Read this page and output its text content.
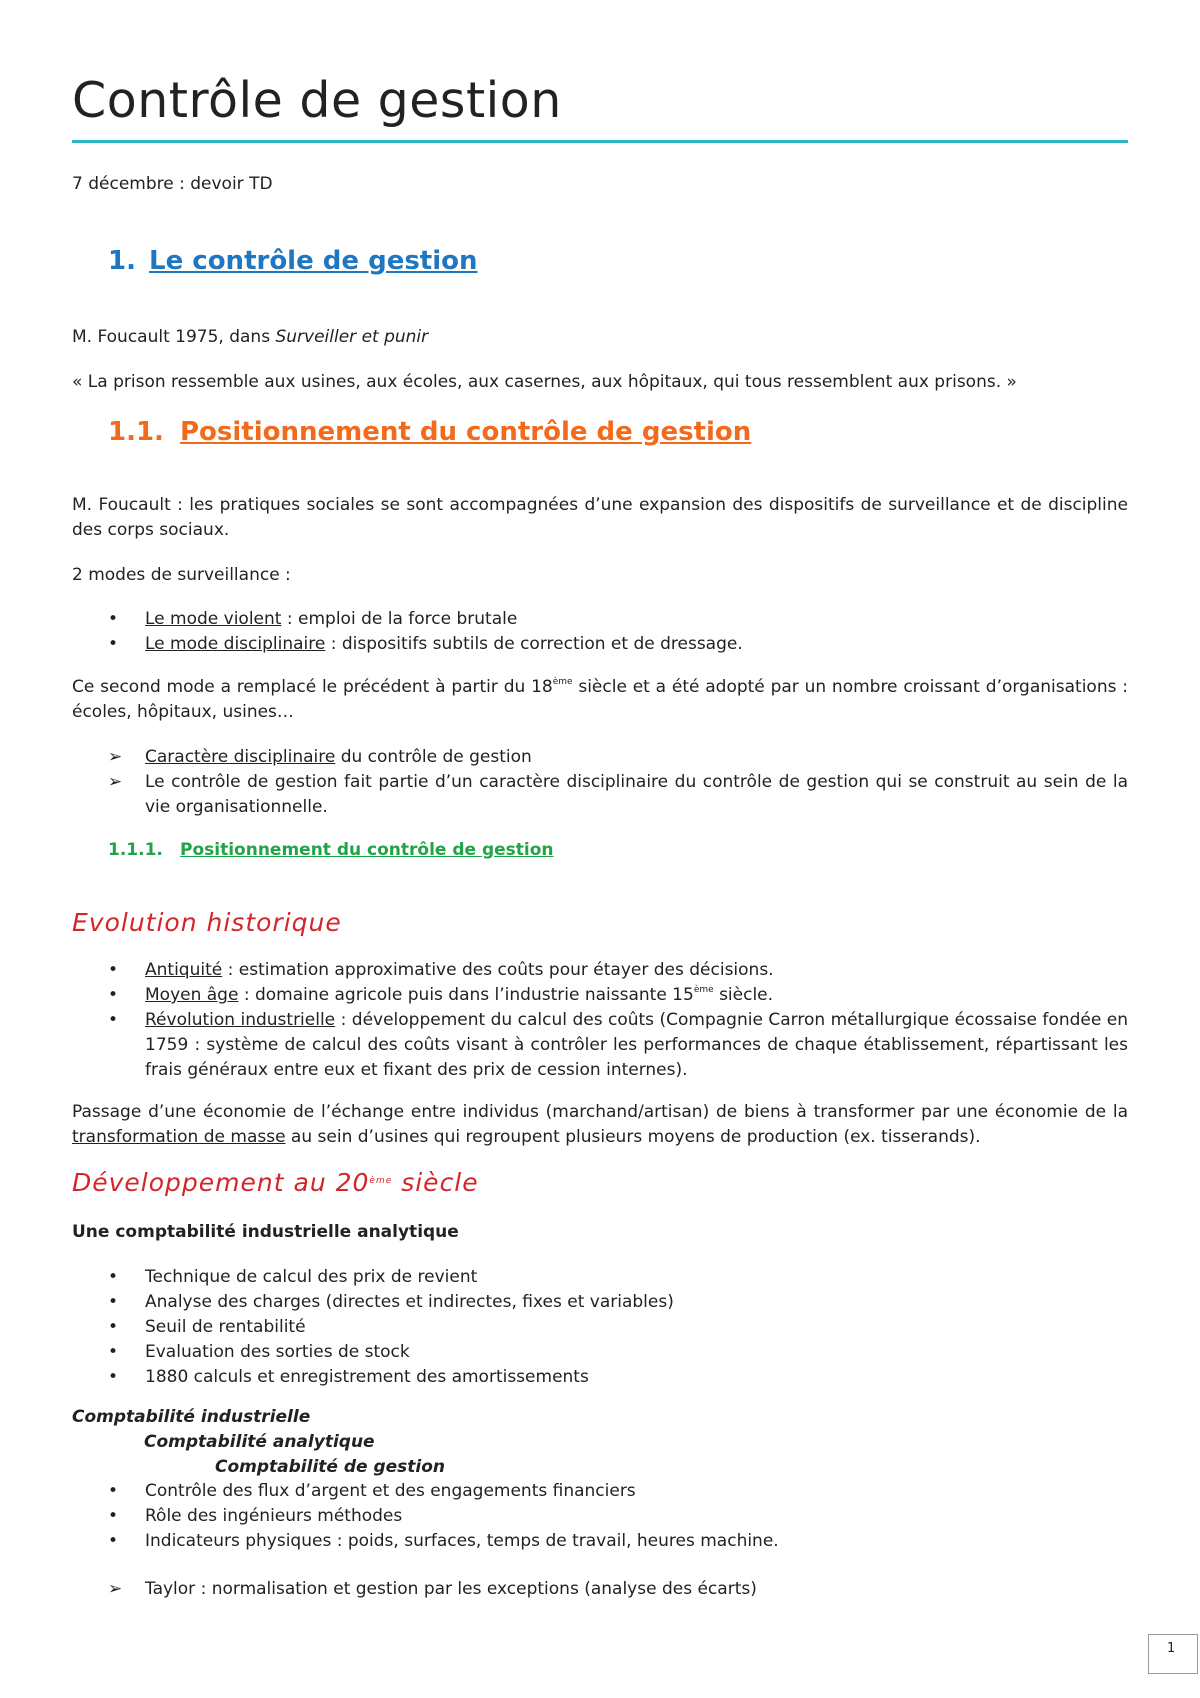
Contrôle de gestion

7 décembre : devoir TD

1. Le contrôle de gestion

M. Foucault 1975, dans Surveiller et punir

« La prison ressemble aux usines, aux écoles, aux casernes, aux hôpitaux, qui tous ressemblent aux prisons. »

1.1. Positionnement du contrôle de gestion

M. Foucault : les pratiques sociales se sont accompagnées d’une expansion des dispositifs de surveillance et de discipline des corps sociaux.

2 modes de surveillance :

• Le mode violent : emploi de la force brutale
• Le mode disciplinaire : dispositifs subtils de correction et de dressage.

Ce second mode a remplacé le précédent à partir du 18ème siècle et a été adopté par un nombre croissant d’organisations : écoles, hôpitaux, usines…

➢ Caractère disciplinaire du contrôle de gestion
➢ Le contrôle de gestion fait partie d’un caractère disciplinaire du contrôle de gestion qui se construit au sein de la vie organisationnelle.
1.1.1. Positionnement du contrôle de gestion
Evolution historique
• Antiquité : estimation approximative des coûts pour étayer des décisions.
• Moyen âge : domaine agricole puis dans l’industrie naissante 15ème siècle.
• Révolution industrielle : développement du calcul des coûts (Compagnie Carron métallurgique écossaise fondée en 1759 : système de calcul des coûts visant à contrôler les performances de chaque établissement, répartissant les frais généraux entre eux et fixant des prix de cession internes).

Passage d’une économie de l’échange entre individus (marchand/artisan) de biens à transformer par une économie de la transformation de masse au sein d’usines qui regroupent plusieurs moyens de production (ex. tisserands).

Développement au 20ème siècle

Une comptabilité industrielle analytique

• Technique de calcul des prix de revient
• Analyse des charges (directes et indirectes, fixes et variables)
• Seuil de rentabilité
• Evaluation des sorties de stock
• 1880 calculs et enregistrement des amortissements

Comptabilité industrielle

Comptabilité analytique

Comptabilité de gestion

• Contrôle des flux d’argent et des engagements financiers
• Rôle des ingénieurs méthodes
• Indicateurs physiques : poids, surfaces, temps de travail, heures machine.
➢ Taylor : normalisation et gestion par les exceptions (analyse des écarts)
1
